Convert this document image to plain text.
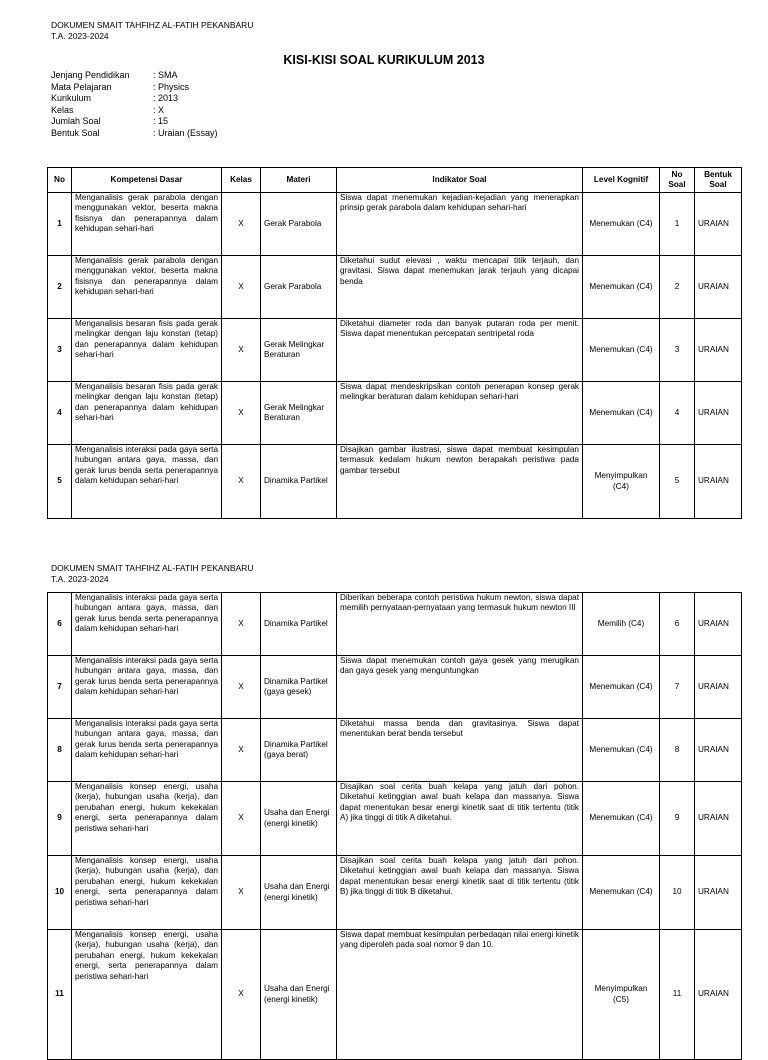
DOKUMEN SMAIT TAHFIHZ AL-FATIH PEKANBARU
T.A. 2023-2024
KISI-KISI SOAL KURIKULUM 2013
Jenjang Pendidikan	: SMA
Mata Pelajaran	: Physics
Kurikulum	: 2013
Kelas	: X
Jumlah Soal	: 15
Bentuk Soal	: Uraian (Essay)
No	Kompetensi Dasar	Kelas	Materi	Indikator Soal	Level Kognitif	No Soal	Bentuk Soal
1	Menganalisis gerak parabola dengan menggunakan vektor, beserta makna fisisnya dan penerapannya dalam kehidupan sehari-hari	X	Gerak Parabola	Siswa dapat menemukan kejadian-kejadian yang menerapkan prinsip gerak parabola dalam kehidupan sehari-hari	Menemukan (C4)	1	URAIAN
2	Menganalisis gerak parabola dengan menggunakan vektor, beserta makna fisisnya dan penerapannya dalam kehidupan sehari-hari	X	Gerak Parabola	Diketahui sudut elevasi , waktu mencapai titik terjauh, dan gravitasi. Siswa dapat menemukan jarak terjauh yang dicapai benda	Menemukan (C4)	2	URAIAN
3	Menganalisis besaran fisis pada gerak melingkar dengan laju konstan (tetap) dan penerapannya dalam kehidupan sehari-hari	X	Gerak Melingkar Beraturan	Diketahui diameter roda dan banyak putaran roda per menit. Siswa dapat menentukan percepatan sentripetal roda	Menemukan (C4)	3	URAIAN
4	Menganalisis besaran fisis pada gerak melingkar dengan laju konstan (tetap) dan penerapannya dalam kehidupan sehari-hari	X	Gerak Melingkar Beraturan	Siswa dapat mendeskripsikan contoh penerapan konsep gerak melingkar beraturan dalam kehidupan sehari-hari	Menemukan (C4)	4	URAIAN
5	Menganalisis interaksi pada gaya serta hubungan antara gaya, massa, dan gerak lurus benda serta penerapannya dalam kehidupan sehari-hari	X	Dinamika Partikel	Disajikan gambar ilustrasi, siswa dapat membuat kesimpulan termasuk kedalam hukum newton berapakah peristiwa pada gambar tersebut	Menyimpulkan (C4)	5	URAIAN
DOKUMEN SMAIT TAHFIHZ AL-FATIH PEKANBARU
T.A. 2023-2024
6	Menganalisis interaksi pada gaya serta hubungan antara gaya, massa, dan gerak lurus benda serta penerapannya dalam kehidupan sehari-hari	X	Dinamika Partikel	Diberikan beberapa contoh peristiwa hukum newton, siswa dapat memilih pernyataan-pernyataan yang termasuk hukum newton III	Memilih (C4)	6	URAIAN
7	Menganalisis interaksi pada gaya serta hubungan antara gaya, massa, dan gerak lurus benda serta penerapannya dalam kehidupan sehari-hari	X	Dinamika Partikel (gaya gesek)	Siswa dapat menemukan contoh gaya gesek yang merugikan dan gaya gesek yang menguntungkan	Menemukan (C4)	7	URAIAN
8	Menganalisis interaksi pada gaya serta hubungan antara gaya, massa, dan gerak lurus benda serta penerapannya dalam kehidupan sehari-hari	X	Dinamika Partikel (gaya berat)	Diketahui massa benda dan gravitasinya. Siswa dapat menentukan berat benda tersebut	Menemukan (C4)	8	URAIAN
9	Menganalisis konsep energi, usaha (kerja), hubungan usaha (kerja), dan perubahan energi, hukum kekekalan energi, serta penerapannya dalam peristiwa sehari-hari	X	Usaha dan Energi (energi kinetik)	Disajikan soal cerita buah kelapa yang jatuh dari pohon. Diketahui ketinggian awal buah kelapa dan massanya. Siswa dapat menentukan besar energi kinetik saat di titik tertentu (titik A) jika tinggi di titik A diketahui.	Menemukan (C4)	9	URAIAN
10	Menganalisis konsep energi, usaha (kerja), hubungan usaha (kerja), dan perubahan energi, hukum kekekalan energi, serta penerapannya dalam peristiwa sehari-hari	X	Usaha dan Energi (energi kinetik)	Disajikan soal cerita buah kelapa yang jatuh dari pohon. Diketahui ketinggian awal buah kelapa dan massanya. Siswa dapat menentukan besar energi kinetik saat di titik tertentu (titik B) jika tinggi di titik B diketahui.	Menemukan (C4)	10	URAIAN
11	Menganalisis konsep energi, usaha (kerja), hubungan usaha (kerja), dan perubahan energi, hukum kekekalan energi, serta penerapannya dalam peristiwa sehari-hari	X	Usaha dan Energi (energi kinetik)	Siswa dapat membuat kesimpulan perbedaqan nilai energi kinetik yang diperoleh pada soal nomor 9 dan 10.	Menyimpulkan (C5)	11	URAIAN
